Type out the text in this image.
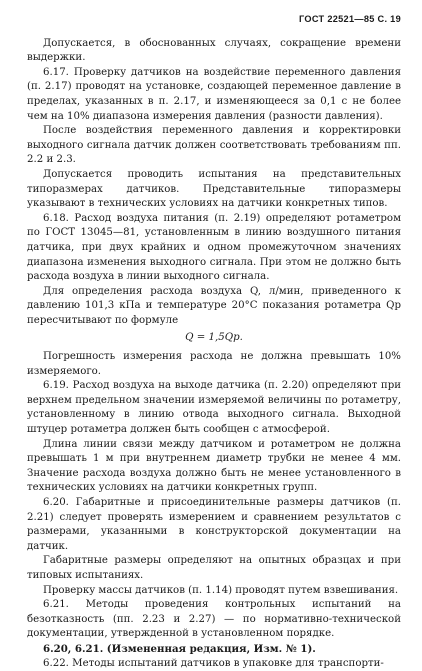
ГОСТ 22521—85 С. 19

Допускается, в обоснованных случаях, сокращение времени выдержки.

6.17. Проверку датчиков на воздействие переменного давления (п. 2.17) проводят на установке, создающей переменное давление в пределах, указанных в п. 2.17, и изменяющееся за 0,1 с не более чем на 10% диапазона измерения давления (разности давления).

После воздействия переменного давления и корректировки выходного сигнала датчик должен соответствовать требованиям пп. 2.2 и 2.3.

Допускается проводить испытания на представительных типоразмерах датчиков. Представительные типоразмеры указывают в технических условиях на датчики конкретных типов.

6.18. Расход воздуха питания (п. 2.19) определяют ротаметром по ГОСТ 13045—81, установленным в линию воздушного питания датчика, при двух крайних и одном промежуточном значениях диапазона изменения выходного сигнала. При этом не должно быть расхода воздуха в линии выходного сигнала.

Для определения расхода воздуха Q, л/мин, приведенного к давлению 101,3 кПа и температуре 20°С показания ротаметра Qр пересчитывают по формуле

Q = 1,5Qр.

Погрешность измерения расхода не должна превышать 10% измеряемого.

6.19. Расход воздуха на выходе датчика (п. 2.20) определяют при верхнем предельном значении измеряемой величины по ротаметру, установленному в линию отвода выходного сигнала. Выходной штуцер ротаметра должен быть сообщен с атмосферой.

Длина линии связи между датчиком и ротаметром не должна превышать 1 м при внутреннем диаметр трубки не менее 4 мм. Значение расхода воздуха должно быть не менее установленного в технических условиях на датчики конкретных групп.

6.20. Габаритные и присоединительные размеры датчиков (п. 2.21) следует проверять измерением и сравнением результатов с размерами, указанными в конструкторской документации на датчик.

Габаритные размеры определяют на опытных образцах и при типовых испытаниях.

Проверку массы датчиков (п. 1.14) проводят путем взвешивания.

6.21. Методы проведения контрольных испытаний на безотказность (пп. 2.23 и 2.27) — по нормативно-технической документации, утвержденной в установленном порядке.

6.20, 6.21. (Измененная редакция, Изм. № 1).

6.22. Методы испытаний датчиков в упаковке для транспорти-
